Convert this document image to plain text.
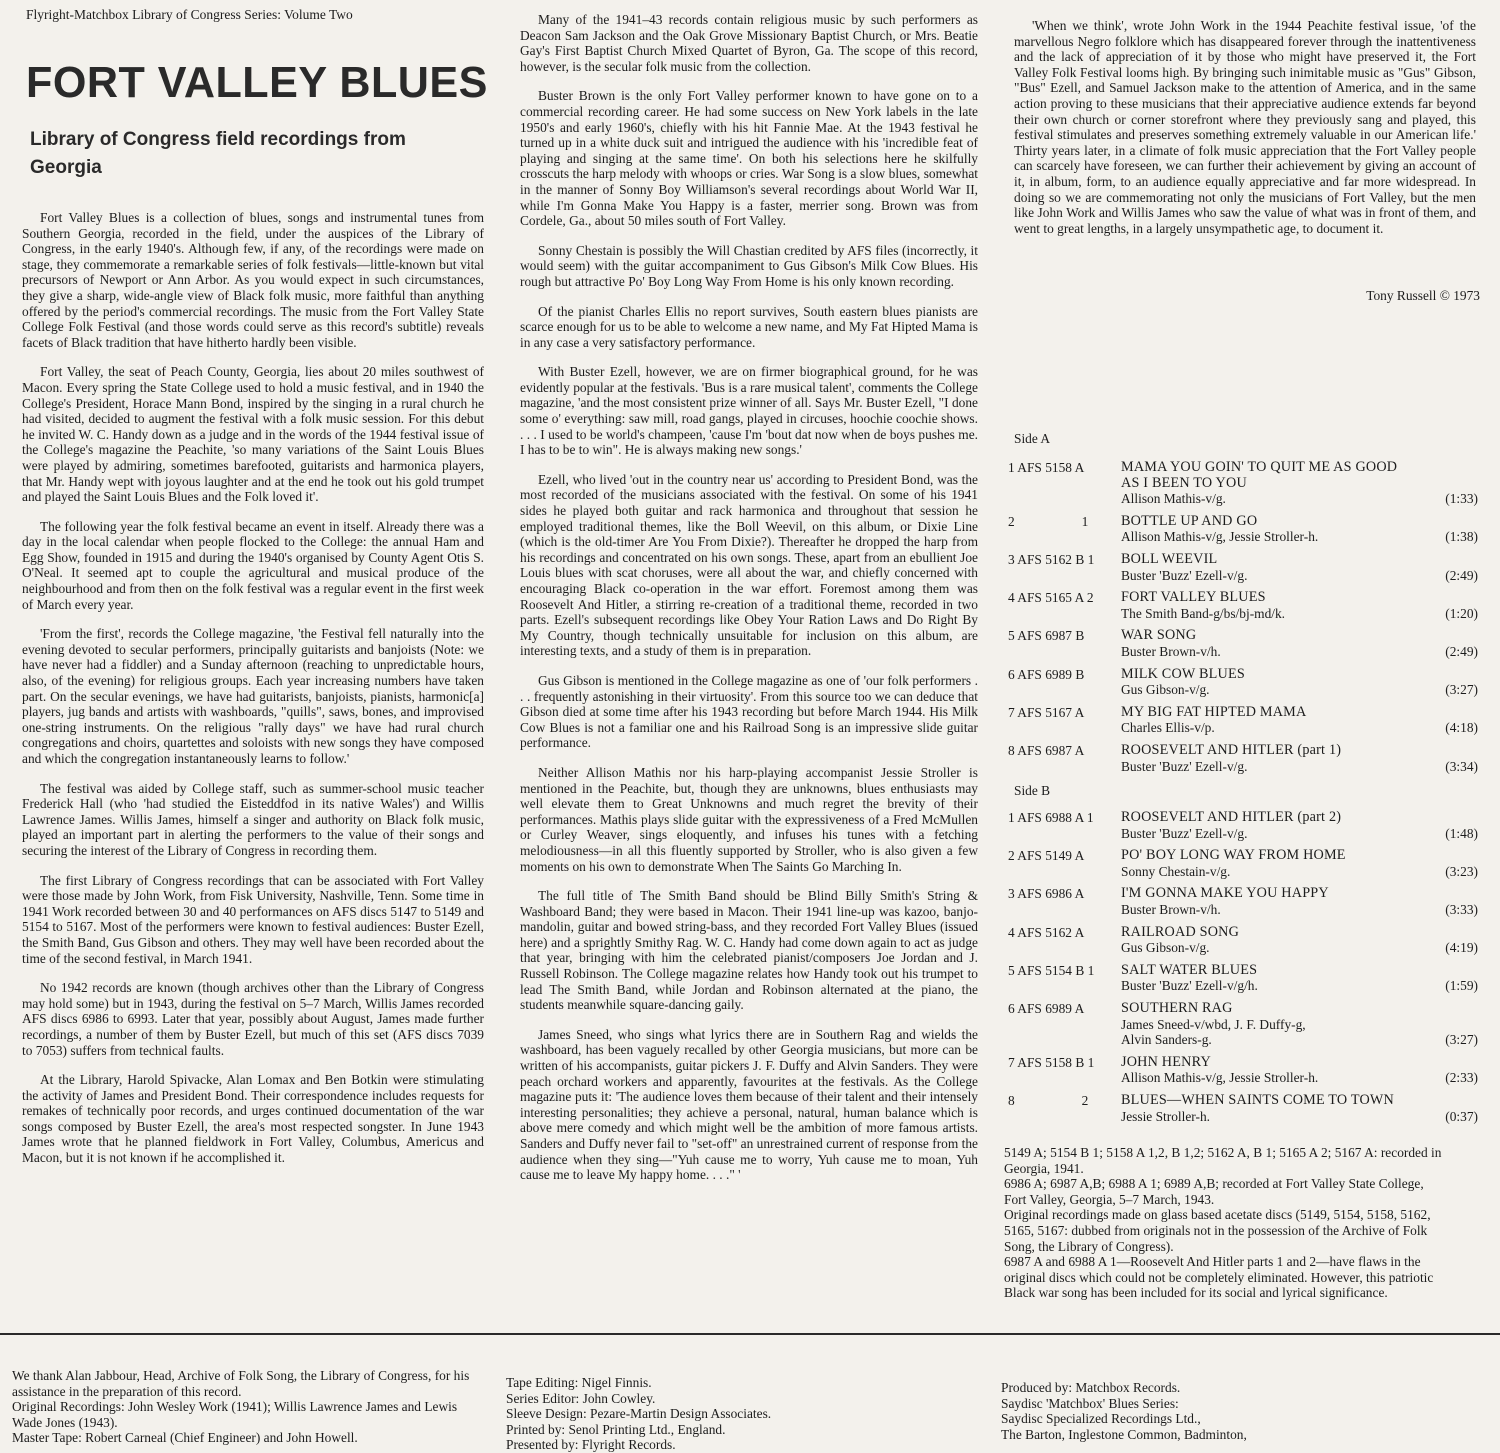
Flyright-Matchbox Library of Congress Series: Volume Two
FORT VALLEY BLUES
Library of Congress field recordings from Georgia

Fort Valley Blues is a collection of blues, songs and instrumental tunes from Southern Georgia, recorded in the field, under the auspices of the Library of Congress, in the early 1940's. Although few, if any, of the recordings were made on stage, they commemorate a remarkable series of folk festivals—little-known but vital precursors of Newport or Ann Arbor. As you would expect in such circumstances, they give a sharp, wide-angle view of Black folk music, more faithful than anything offered by the period's commercial recordings. The music from the Fort Valley State College Folk Festival (and those words could serve as this record's subtitle) reveals facets of Black tradition that have hitherto hardly been visible.

Fort Valley, the seat of Peach County, Georgia, lies about 20 miles southwest of Macon. Every spring the State College used to hold a music festival, and in 1940 the College's President, Horace Mann Bond, inspired by the singing in a rural church he had visited, decided to augment the festival with a folk music session. For this debut he invited W. C. Handy down as a judge and in the words of the 1944 festival issue of the College's magazine the Peachite, 'so many variations of the Saint Louis Blues were played by admiring, sometimes barefooted, guitarists and harmonica players, that Mr. Handy wept with joyous laughter and at the end he took out his gold trumpet and played the Saint Louis Blues and the Folk loved it'.

The following year the folk festival became an event in itself. Already there was a day in the local calendar when people flocked to the College: the annual Ham and Egg Show, founded in 1915 and during the 1940's organised by County Agent Otis S. O'Neal. It seemed apt to couple the agricultural and musical produce of the neighbourhood and from then on the folk festival was a regular event in the first week of March every year.

'From the first', records the College magazine, 'the Festival fell naturally into the evening devoted to secular performers, principally guitarists and banjoists (Note: we have never had a fiddler) and a Sunday afternoon (reaching to unpredictable hours, also, of the evening) for religious groups. Each year increasing numbers have taken part. On the secular evenings, we have had guitarists, banjoists, pianists, harmonic[a] players, jug bands and artists with washboards, "quills", saws, bones, and improvised one-string instruments. On the religious "rally days" we have had rural church congregations and choirs, quartettes and soloists with new songs they have composed and which the congregation instantaneously learns to follow.'

The festival was aided by College staff, such as summer-school music teacher Frederick Hall (who 'had studied the Eisteddfod in its native Wales') and Willis Lawrence James. Willis James, himself a singer and authority on Black folk music, played an important part in alerting the performers to the value of their songs and securing the interest of the Library of Congress in recording them.

The first Library of Congress recordings that can be associated with Fort Valley were those made by John Work, from Fisk University, Nashville, Tenn. Some time in 1941 Work recorded between 30 and 40 performances on AFS discs 5147 to 5149 and 5154 to 5167. Most of the performers were known to festival audiences: Buster Ezell, the Smith Band, Gus Gibson and others. They may well have been recorded about the time of the second festival, in March 1941.

No 1942 records are known (though archives other than the Library of Congress may hold some) but in 1943, during the festival on 5–7 March, Willis James recorded AFS discs 6986 to 6993. Later that year, possibly about August, James made further recordings, a number of them by Buster Ezell, but much of this set (AFS discs 7039 to 7053) suffers from technical faults.

At the Library, Harold Spivacke, Alan Lomax and Ben Botkin were stimulating the activity of James and President Bond. Their correspondence includes requests for remakes of technically poor records, and urges continued documentation of the war songs composed by Buster Ezell, the area's most respected songster. In June 1943 James wrote that he planned fieldwork in Fort Valley, Columbus, Americus and Macon, but it is not known if he accomplished it.

Many of the 1941–43 records contain religious music by such performers as Deacon Sam Jackson and the Oak Grove Missionary Baptist Church, or Mrs. Beatie Gay's First Baptist Church Mixed Quartet of Byron, Ga. The scope of this record, however, is the secular folk music from the collection.

Buster Brown is the only Fort Valley performer known to have gone on to a commercial recording career. He had some success on New York labels in the late 1950's and early 1960's, chiefly with his hit Fannie Mae. At the 1943 festival he turned up in a white duck suit and intrigued the audience with his 'incredible feat of playing and singing at the same time'. On both his selections here he skilfully crosscuts the harp melody with whoops or cries. War Song is a slow blues, somewhat in the manner of Sonny Boy Williamson's several recordings about World War II, while I'm Gonna Make You Happy is a faster, merrier song. Brown was from Cordele, Ga., about 50 miles south of Fort Valley.

Sonny Chestain is possibly the Will Chastian credited by AFS files (incorrectly, it would seem) with the guitar accompaniment to Gus Gibson's Milk Cow Blues. His rough but attractive Po' Boy Long Way From Home is his only known recording.

Of the pianist Charles Ellis no report survives, South eastern blues pianists are scarce enough for us to be able to welcome a new name, and My Fat Hipted Mama is in any case a very satisfactory performance.

With Buster Ezell, however, we are on firmer biographical ground, for he was evidently popular at the festivals. 'Bus is a rare musical talent', comments the College magazine, 'and the most consistent prize winner of all. Says Mr. Buster Ezell, "I done some o' everything: saw mill, road gangs, played in circuses, hoochie coochie shows. . . . I used to be world's champeen, 'cause I'm 'bout dat now when de boys pushes me. I has to be to win". He is always making new songs.'

Ezell, who lived 'out in the country near us' according to President Bond, was the most recorded of the musicians associated with the festival. On some of his 1941 sides he played both guitar and rack harmonica and throughout that session he employed traditional themes, like the Boll Weevil, on this album, or Dixie Line (which is the old-timer Are You From Dixie?). Thereafter he dropped the harp from his recordings and concentrated on his own songs. These, apart from an ebullient Joe Louis blues with scat choruses, were all about the war, and chiefly concerned with encouraging Black co-operation in the war effort. Foremost among them was Roosevelt And Hitler, a stirring re-creation of a traditional theme, recorded in two parts. Ezell's subsequent recordings like Obey Your Ration Laws and Do Right By My Country, though technically unsuitable for inclusion on this album, are interesting texts, and a study of them is in preparation.

Gus Gibson is mentioned in the College magazine as one of 'our folk performers . . . frequently astonishing in their virtuosity'. From this source too we can deduce that Gibson died at some time after his 1943 recording but before March 1944. His Milk Cow Blues is not a familiar one and his Railroad Song is an impressive slide guitar performance.

Neither Allison Mathis nor his harp-playing accompanist Jessie Stroller is mentioned in the Peachite, but, though they are unknowns, blues enthusiasts may well elevate them to Great Unknowns and much regret the brevity of their performances. Mathis plays slide guitar with the expressiveness of a Fred McMullen or Curley Weaver, sings eloquently, and infuses his tunes with a fetching melodiousness—in all this fluently supported by Stroller, who is also given a few moments on his own to demonstrate When The Saints Go Marching In.

The full title of The Smith Band should be Blind Billy Smith's String & Washboard Band; they were based in Macon. Their 1941 line-up was kazoo, banjo-mandolin, guitar and bowed string-bass, and they recorded Fort Valley Blues (issued here) and a sprightly Smithy Rag. W. C. Handy had come down again to act as judge that year, bringing with him the celebrated pianist/composers Joe Jordan and J. Russell Robinson. The College magazine relates how Handy took out his trumpet to lead The Smith Band, while Jordan and Robinson alternated at the piano, the students meanwhile square-dancing gaily.

James Sneed, who sings what lyrics there are in Southern Rag and wields the washboard, has been vaguely recalled by other Georgia musicians, but more can be written of his accompanists, guitar pickers J. F. Duffy and Alvin Sanders. They were peach orchard workers and apparently, favourites at the festivals. As the College magazine puts it: 'The audience loves them because of their talent and their intensely interesting personalities; they achieve a personal, natural, human balance which is above mere comedy and which might well be the ambition of more famous artists. Sanders and Duffy never fail to "set-off" an unrestrained current of response from the audience when they sing—"Yuh cause me to worry, Yuh cause me to moan, Yuh cause me to leave My happy home. . . ." '

'When we think', wrote John Work in the 1944 Peachite festival issue, 'of the marvellous Negro folklore which has disappeared forever through the inattentiveness and the lack of appreciation of it by those who might have preserved it, the Fort Valley Folk Festival looms high. By bringing such inimitable music as "Gus" Gibson, "Bus" Ezell, and Samuel Jackson make to the attention of America, and in the same action proving to these musicians that their appreciative audience extends far beyond their own church or corner storefront where they previously sang and played, this festival stimulates and preserves something extremely valuable in our American life.' Thirty years later, in a climate of folk music appreciation that the Fort Valley people can scarcely have foreseen, we can further their achievement by giving an account of it, in album, form, to an audience equally appreciative and far more widespread. In doing so we are commemorating not only the musicians of Fort Valley, but the men like John Work and Willis James who saw the value of what was in front of them, and went to great lengths, in a largely unsympathetic age, to document it.

Tony Russell © 1973
Side A
1 AFS 5158 A	MAMA YOU GOIN' TO QUIT ME AS GOOD
AS I BEEN TO YOU
Allison Mathis-v/g.	(1:33)
2                    1	BOTTLE UP AND GO
Allison Mathis-v/g, Jessie Stroller-h.	(1:38)
3 AFS 5162 B 1	BOLL WEEVIL
Buster 'Buzz' Ezell-v/g.	(2:49)
4 AFS 5165 A 2	FORT VALLEY BLUES
The Smith Band-g/bs/bj-md/k.	(1:20)
5 AFS 6987 B	WAR SONG
Buster Brown-v/h.	(2:49)
6 AFS 6989 B	MILK COW BLUES
Gus Gibson-v/g.	(3:27)
7 AFS 5167 A	MY BIG FAT HIPTED MAMA
Charles Ellis-v/p.	(4:18)
8 AFS 6987 A	ROOSEVELT AND HITLER (part 1)
Buster 'Buzz' Ezell-v/g.	(3:34)
Side B
1 AFS 6988 A 1	ROOSEVELT AND HITLER (part 2)
Buster 'Buzz' Ezell-v/g.	(1:48)
2 AFS 5149 A	PO' BOY LONG WAY FROM HOME
Sonny Chestain-v/g.	(3:23)
3 AFS 6986 A	I'M GONNA MAKE YOU HAPPY
Buster Brown-v/h.	(3:33)
4 AFS 5162 A	RAILROAD SONG
Gus Gibson-v/g.	(4:19)
5 AFS 5154 B 1	SALT WATER BLUES
Buster 'Buzz' Ezell-v/g/h.	(1:59)
6 AFS 6989 A	SOUTHERN RAG
James Sneed-v/wbd, J. F. Duffy-g,
Alvin Sanders-g.	(3:27)
7 AFS 5158 B 1	JOHN HENRY
Allison Mathis-v/g, Jessie Stroller-h.	(2:33)
8                    2	BLUES—WHEN SAINTS COME TO TOWN
Jessie Stroller-h.	(0:37)
5149 A; 5154 B 1; 5158 A 1,2, B 1,2; 5162 A, B 1; 5165 A 2; 5167 A: recorded in Georgia, 1941.
6986 A; 6987 A,B; 6988 A 1; 6989 A,B; recorded at Fort Valley State College, Fort Valley, Georgia, 5–7 March, 1943.
Original recordings made on glass based acetate discs (5149, 5154, 5158, 5162, 5165, 5167: dubbed from originals not in the possession of the Archive of Folk Song, the Library of Congress).
6987 A and 6988 A 1—Roosevelt And Hitler parts 1 and 2—have flaws in the original discs which could not be completely eliminated. However, this patriotic Black war song has been included for its social and lyrical significance.
We thank Alan Jabbour, Head, Archive of Folk Song, the Library of Congress, for his assistance in the preparation of this record.
Original Recordings: John Wesley Work (1941); Willis Lawrence James and Lewis Wade Jones (1943).
Master Tape: Robert Carneal (Chief Engineer) and John Howell.
Tape Editing: Nigel Finnis.
Series Editor: John Cowley.
Sleeve Design: Pezare-Martin Design Associates.
Printed by: Senol Printing Ltd., England.
Presented by: Flyright Records.
Produced by: Matchbox Records.
Saydisc 'Matchbox' Blues Series:
Saydisc Specialized Recordings Ltd.,
The Barton, Inglestone Common, Badminton,
